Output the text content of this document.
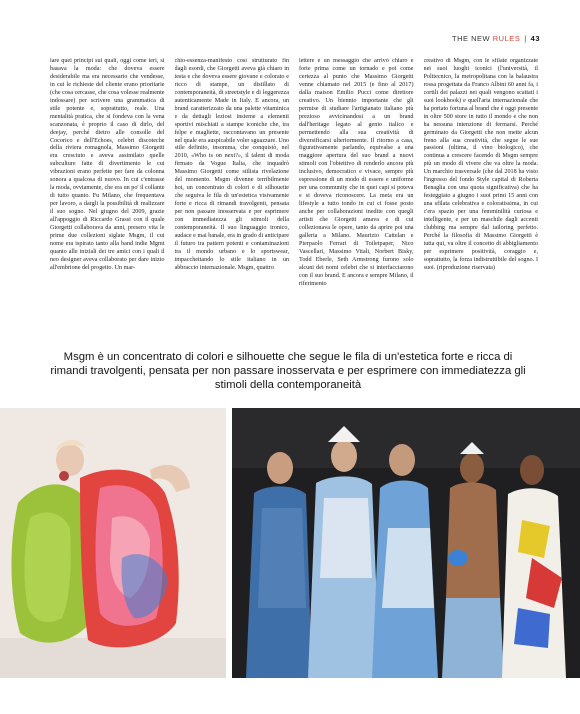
THE NEW RULES | 43
lare quei principi sui quali, oggi come ieri, si basava la moda: che doveva essere desiderabile ma era necessario che vendesse, in cui le richieste del cliente erano prioritarie (che cosa cercasse, che cosa volesse realmente indossare) per scrivere una grammatica di stile potente e, soprattutto, reale. Una mentalità pratica, che si fondeva con la vena scanzonata, è proprio il caso di dirlo, del deejay, perché dietro alle consolle del Cocorico e dell'Echoes, celebri discoteche della riviera romagnola, Massimo Giorgetti era cresciuto e aveva assimilato quelle subculture fatte di divertimento le cui vibrazioni erano perfette per fare da colonna sonora a qualcosa di nuovo. In cui c'entrasse la moda, ovviamente, che era un po' il collante di tutto quanto. Fu Milano, che frequentava per lavoro, a dargli la possibilità di realizzare il suo sogno. Nel giugno del 2009, grazie all'appoggio di Riccardo Grassi con il quale Giorgetti collaborava da anni, presero vita le prime due collezioni siglate Msgm, il cui nome era ispirato tanto alla band indie Mgmt quanto alle iniziali dei tre amici con i quali il neo designer aveva collaborato per dare inizio all'embrione del progetto. Un mar-
chio-essenza-manifesto così strutturato fin dagli esordi, che Giorgetti aveva già chiaro in testa e che doveva essere giovane e colorato e ricco di stampe, un distillato di contemporaneità, di streetstyle e di leggerezza autenticamente Made in Italy. E ancora, un brand caratterizzato da una palette vitaminica e da dettagli leziosi insieme a elementi sportivi mischiati a stampe iconiche che, tra felpe e magliette, raccontavano un presente nel quale era auspicabile voler sguazzare. Uno stile definito, insomma, che conquistò, nel 2010, «Who is on next?», il talent di moda firmato da Vogue Italia, che inquadrò Massimo Giorgetti come stilista rivelazione del momento. Msgm divenne terribilmente hot, un concentrato di colori e di silhouette che seguiva le fila di un'estetica visivamente forte e ricca di rimandi travolgenti, pensata per non passare inosservata e per esprimere con immediatezza gli stimoli della contemporaneità. Il suo linguaggio ironico, audace e mai banale, era in grado di anticipare il futuro tra pattern potenti e contaminazioni tra il mondo urbano e lo sportswear, impacchettando lo stile italiano in un abbraccio internazionale. Msgm, quattro
lettere e un messaggio che arrivò chiaro e forte prima come un tornado e poi come certezza al punto che Massimo Giorgetti venne chiamato nel 2015 (e fino al 2017) dalla maison Emilio Pucci come direttore creativo. Un biennio importante che gli permise di studiare l'artigianato italiano più prezioso avvicinandosi a un brand dall'heritage legato al genio italico e permettendo alla sua creatività di diversificarsi ulteriormente. Il ritorno a casa, figurativamente parlando, equivalse a una maggiore apertura del suo brand a nuovi stimoli con l'obiettivo di renderlo ancora più inclusivo, democratico e vivace, sempre più espressione di un modo di essere e uniforme per una community che in quei capi si poteva e si doveva riconoscere. La meta era un lifestyle a tutto tondo in cui ci fosse posto anche per collaborazioni inedite con quegli artisti che Giorgetti amava e di cui collezionava le opere, tanto da aprire poi una galleria a Milano. Maurizio Cattelan e Pierpaolo Ferrari di Toiletpaper, Nico Vascellari, Massimo Vitali, Norbert Bisky, Todd Eberle, Seth Armstrong furono solo alcuni dei nomi celebri che si interfacciarono con il suo brand. E ancora e sempre Milano, il riferimento
creativo di Msgm, con le sfilate organizzate nei suoi luoghi iconici (l'università, il Politecnico, la metropolitana con la balaustra rossa progettata da Franco Albini 60 anni fa, i cortili dei palazzi nei quali vengono scattati i suoi lookbook) e quell'aria internazionale che ha portato fortuna al brand che è oggi presente in oltre 500 store in tutto il mondo e che non ha nessuna intenzione di fermarsi. Perché germinato da Giorgetti che non mette alcun freno alla sua creatività, che segue le sue passioni (ultima, il vino biologico), che continua a crescere facendo di Msgm sempre più un modo di vivere che va oltre la moda. Un marchio trasversale (che dal 2018 ha visto l'ingresso del fondo Style capital di Roberta Benaglia con una quota significativa) che ha festeggiato a giugno i suoi primi 15 anni con una sfilata celebrativa e coloratissima, in cui c'era spazio per una femminilità curiosa e intelligente, e per un maschile dagli accenti clubbing ma sempre dal tailoring perfetto. Perché la filosofia di Massimo Giorgetti è tutta qui, va oltre il concetto di abbigliamento per esprimere positività, coraggio e, soprattutto, la forza indistruttibile del sogno. I suoi. (riproduzione riservata)
Msgm è un concentrato di colori e silhouette che segue le fila di un'estetica forte e ricca di rimandi travolgenti, pensata per non passare inosservata e per esprimere con immediatezza gli stimoli della contemporaneità
